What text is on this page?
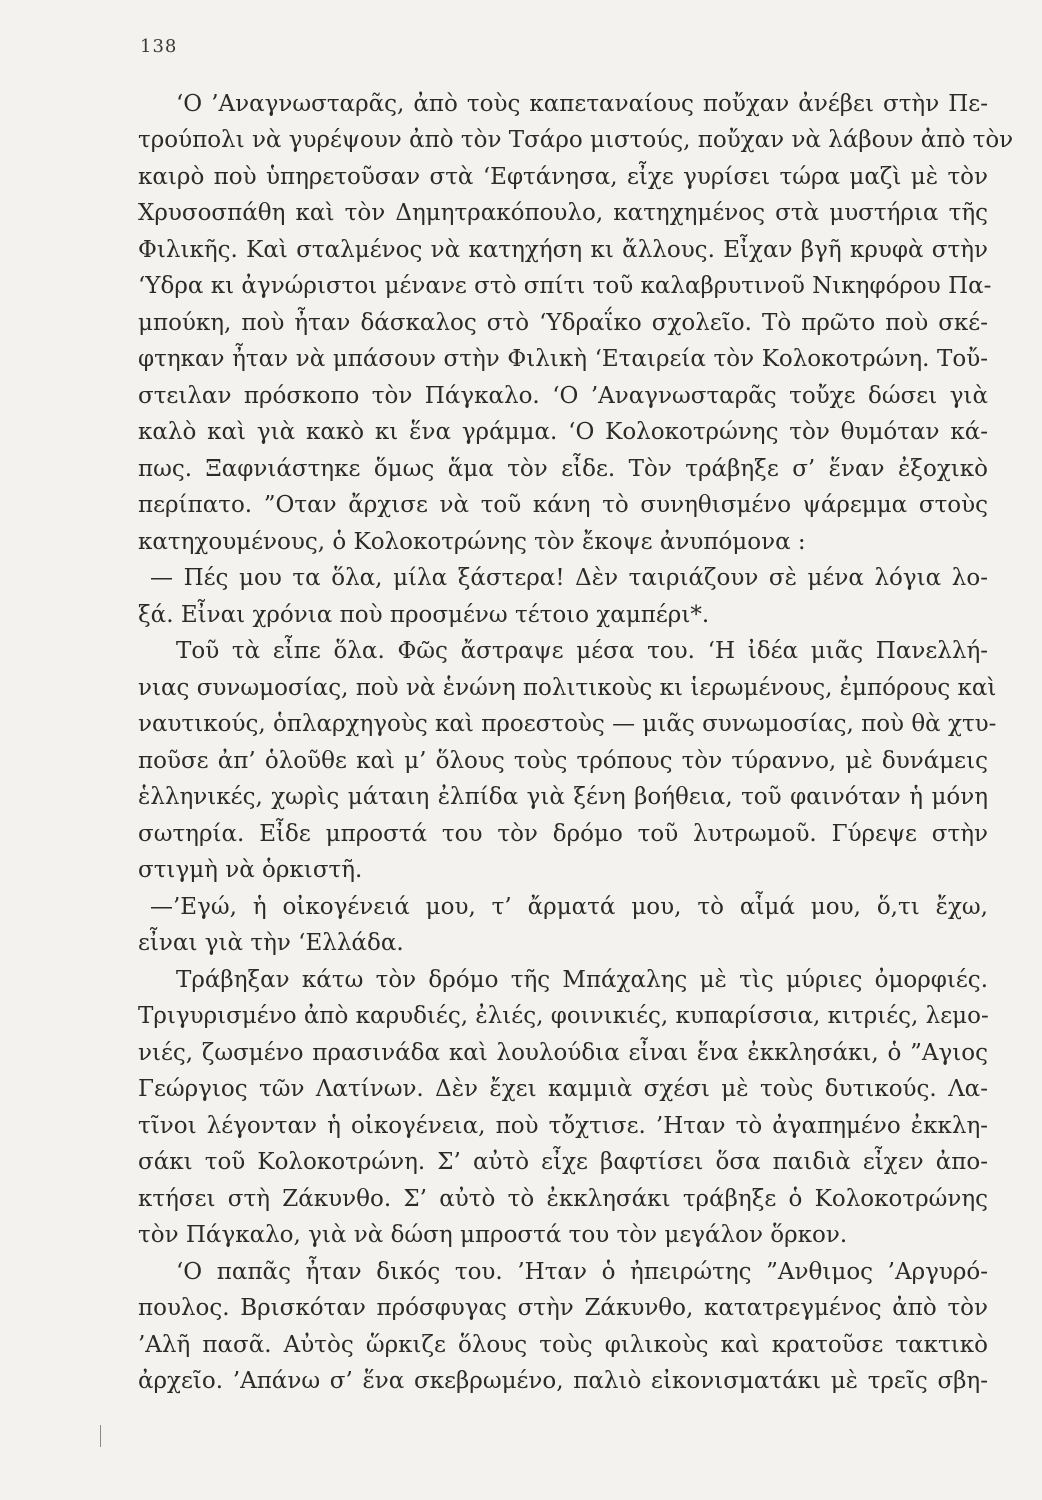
138
‘Ο ’Αναγνωσταρᾶς, ἀπὸ τοὺς καπεταναίους ποὔχαν ἀνέβει στὴν Πε-
τρούπολι νὰ γυρέψουν ἀπὸ τὸν Τσάρο μιστούς, ποὔχαν νὰ λάβουν ἀπὸ τὸν
καιρὸ ποὺ ὑπηρετοῦσαν στὰ ‘Εφτάνησα, εἶχε γυρίσει τώρα μαζὶ μὲ τὸν
Χρυσοσπάθη καὶ τὸν Δημητρακόπουλο, κατηχημένος στὰ μυστήρια τῆς
Φιλικῆς. Καὶ σταλμένος νὰ κατηχήση κι ἄλλους. Εἶχαν βγῆ κρυφὰ στὴν
‘Υδρα κι ἀγνώριστοι μένανε στὸ σπίτι τοῦ καλαβρυτινοῦ Νικηφόρου Πα-
μπούκη, ποὺ ἦταν δάσκαλος στὸ ‘Υδραΐκο σχολεῖο. Τὸ πρῶτο ποὺ σκέ-
φτηκαν ἦταν νὰ μπάσουν στὴν Φιλικὴ ‘Εταιρεία τὸν Κολοκοτρώνη. Τοὔ-
στειλαν πρόσκοπο τὸν Πάγκαλο. ‘Ο ’Αναγνωσταρᾶς τοὔχε δώσει γιὰ
καλὸ καὶ γιὰ κακὸ κι ἕνα γράμμα. ‘Ο Κολοκοτρώνης τὸν θυμόταν κά-
πως. Ξαφνιάστηκε ὅμως ἅμα τὸν εἶδε. Τὸν τράβηξε σ’ ἕναν ἐξοχικὸ
περίπατο. ”Οταν ἄρχισε νὰ τοῦ κάνη τὸ συνηθισμένο ψάρεμμα στοὺς
κατηχουμένους, ὁ Κολοκοτρώνης τὸν ἔκοψε ἀνυπόμονα :
— Πές μου τα ὅλα, μίλα ξάστερα! Δὲν ταιριάζουν σὲ μένα λόγια λο-
ξά. Εἶναι χρόνια ποὺ προσμένω τέτοιο χαμπέρι*.
Τοῦ τὰ εἶπε ὅλα. Φῶς ἄστραψε μέσα του. ‘Η ἰδέα μιᾶς Πανελλή-
νιας συνωμοσίας, ποὺ νὰ ἑνώνη πολιτικοὺς κι ἱερωμένους, ἐμπόρους καὶ
ναυτικούς, ὁπλαρχηγοὺς καὶ προεστοὺς — μιᾶς συνωμοσίας, ποὺ θὰ χτυ-
ποῦσε ἀπ’ ὁλοῦθε καὶ μ’ ὅλους τοὺς τρόπους τὸν τύραννο, μὲ δυνάμεις
ἑλληνικές, χωρὶς μάταιη ἐλπίδα γιὰ ξένη βοήθεια, τοῦ φαινόταν ἡ μόνη
σωτηρία. Εἶδε μπροστά του τὸν δρόμο τοῦ λυτρωμοῦ. Γύρεψε στὴν
στιγμὴ νὰ ὁρκιστῆ.
—’Εγώ, ἡ οἰκογένειά μου, τ’ ἄρματά μου, τὸ αἷμά μου, ὅ,τι ἔχω,
εἶναι γιὰ τὴν ‘Ελλάδα.
Τράβηξαν κάτω τὸν δρόμο τῆς Μπάχαλης μὲ τὶς μύριες ὀμορφιές.
Τριγυρισμένο ἀπὸ καρυδιές, ἐλιές, φοινικιές, κυπαρίσσια, κιτριές, λεμο-
νιές, ζωσμένο πρασινάδα καὶ λουλούδια εἶναι ἕνα ἐκκλησάκι, ὁ ”Αγιος
Γεώργιος τῶν Λατίνων. Δὲν ἔχει καμμιὰ σχέσι μὲ τοὺς δυτικούς. Λα-
τῖνοι λέγονταν ἡ οἰκογένεια, ποὺ τὄχτισε. ’Ηταν τὸ ἀγαπημένο ἐκκλη-
σάκι τοῦ Κολοκοτρώνη. Σ’ αὐτὸ εἶχε βαφτίσει ὅσα παιδιὰ εἶχεν ἀπο-
κτήσει στὴ Ζάκυνθο. Σ’ αὐτὸ τὸ ἐκκλησάκι τράβηξε ὁ Κολοκοτρώνης
τὸν Πάγκαλο, γιὰ νὰ δώση μπροστά του τὸν μεγάλον ὅρκον.
‘Ο παπᾶς ἦταν δικός του. ’Ηταν ὁ ἠπειρώτης ”Ανθιμος ’Αργυρό-
πουλος. Βρισκόταν πρόσφυγας στὴν Ζάκυνθο, κατατρεγμένος ἀπὸ τὸν
’Αλῆ πασᾶ. Αὐτὸς ὥρκιζε ὅλους τοὺς φιλικοὺς καὶ κρατοῦσε τακτικὸ
ἀρχεῖο. ’Απάνω σ’ ἕνα σκεβρωμένο, παλιὸ εἰκονισματάκι μὲ τρεῖς σβη-
